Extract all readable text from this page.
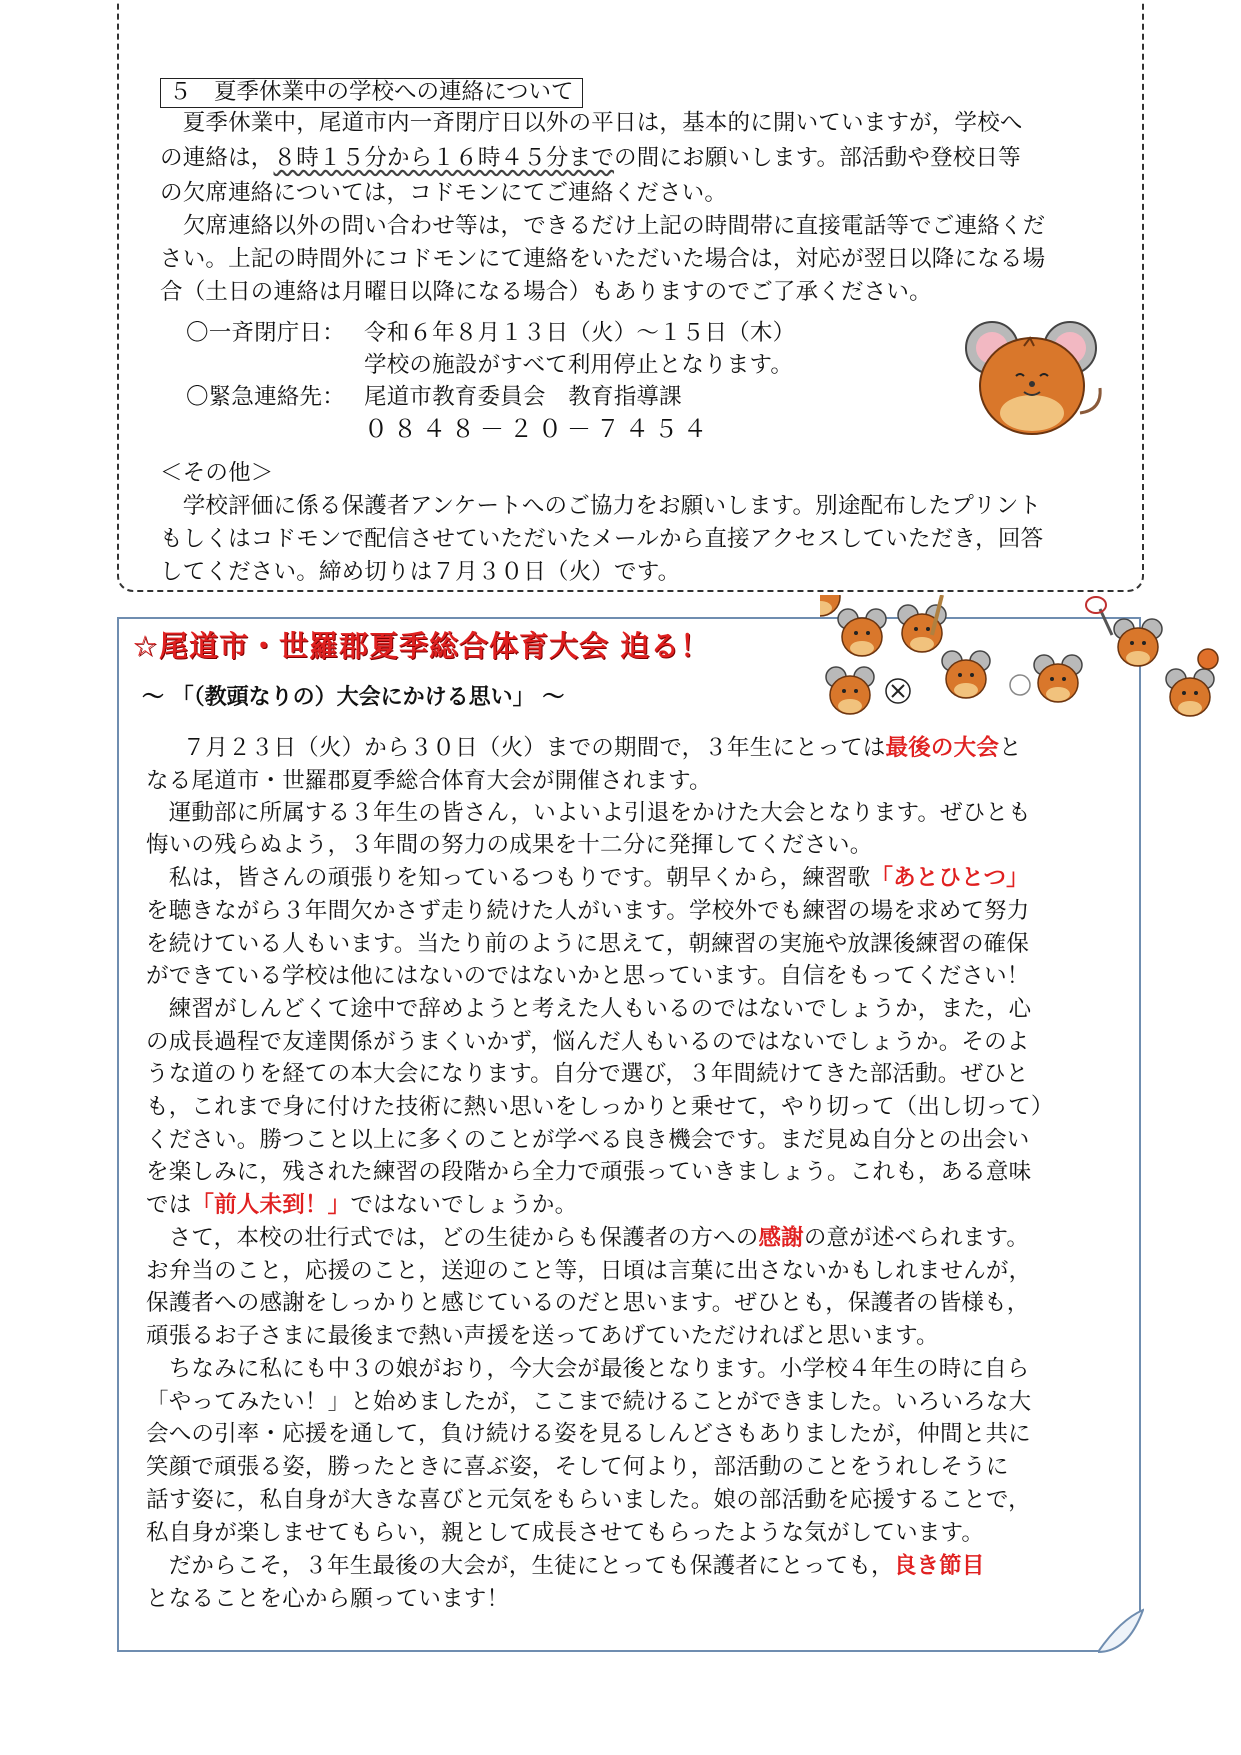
５　夏季休業中の学校への連絡について
　夏季休業中，尾道市内一斉閉庁日以外の平日は，基本的に開いていますが，学校へ
の連絡は，８時１５分から１６時４５分までの間にお願いします。部活動や登校日等
の欠席連絡については，コドモンにてご連絡ください。
　欠席連絡以外の問い合わせ等は，できるだけ上記の時間帯に直接電話等でご連絡くだ
さい。上記の時間外にコドモンにて連絡をいただいた場合は，対応が翌日以降になる場
合（土日の連絡は月曜日以降になる場合）もありますのでご了承ください。
〇一斉閉庁日： 令和６年８月１３日（火）～１５日（木）
学校の施設がすべて利用停止となります。
〇緊急連絡先： 尾道市教育委員会　教育指導課
０８４８－２０－７４５４
＜その他＞
　学校評価に係る保護者アンケートへのご協力をお願いします。別途配布したプリント
もしくはコドモンで配信させていただいたメールから直接アクセスしていただき，回答
してください。締め切りは７月３０日（火）です。
☆尾道市・世羅郡夏季総合体育大会 迫る！
～ 「（教頭なりの）大会にかける思い」 ～
　７月２３日（火）から３０日（火）までの期間で，３年生にとっては最後の大会と
なる尾道市・世羅郡夏季総合体育大会が開催されます。
　運動部に所属する３年生の皆さん，いよいよ引退をかけた大会となります。ぜひとも
悔いの残らぬよう，３年間の努力の成果を十二分に発揮してください。
　私は，皆さんの頑張りを知っているつもりです。朝早くから，練習歌「あとひとつ」
を聴きながら３年間欠かさず走り続けた人がいます。学校外でも練習の場を求めて努力
を続けている人もいます。当たり前のように思えて，朝練習の実施や放課後練習の確保
ができている学校は他にはないのではないかと思っています。自信をもってください！
　練習がしんどくて途中で辞めようと考えた人もいるのではないでしょうか，また，心
の成長過程で友達関係がうまくいかず，悩んだ人もいるのではないでしょうか。そのよ
うな道のりを経ての本大会になります。自分で選び，３年間続けてきた部活動。ぜひと
も，これまで身に付けた技術に熱い思いをしっかりと乗せて，やり切って（出し切って）
ください。勝つこと以上に多くのことが学べる良き機会です。まだ見ぬ自分との出会い
を楽しみに，残された練習の段階から全力で頑張っていきましょう。これも，ある意味
では「前人未到！」ではないでしょうか。
　さて，本校の壮行式では，どの生徒からも保護者の方への感謝の意が述べられます。
お弁当のこと，応援のこと，送迎のこと等，日頃は言葉に出さないかもしれませんが，
保護者への感謝をしっかりと感じているのだと思います。ぜひとも，保護者の皆様も，
頑張るお子さまに最後まで熱い声援を送ってあげていただければと思います。
　ちなみに私にも中３の娘がおり，今大会が最後となります。小学校４年生の時に自ら
「やってみたい！」と始めましたが，ここまで続けることができました。いろいろな大
会への引率・応援を通して，負け続ける姿を見るしんどさもありましたが，仲間と共に
笑顔で頑張る姿，勝ったときに喜ぶ姿，そして何より，部活動のことをうれしそうに
話す姿に，私自身が大きな喜びと元気をもらいました。娘の部活動を応援することで，
私自身が楽しませてもらい，親として成長させてもらったような気がしています。
　だからこそ，３年生最後の大会が，生徒にとっても保護者にとっても，良き節目
となることを心から願っています！
